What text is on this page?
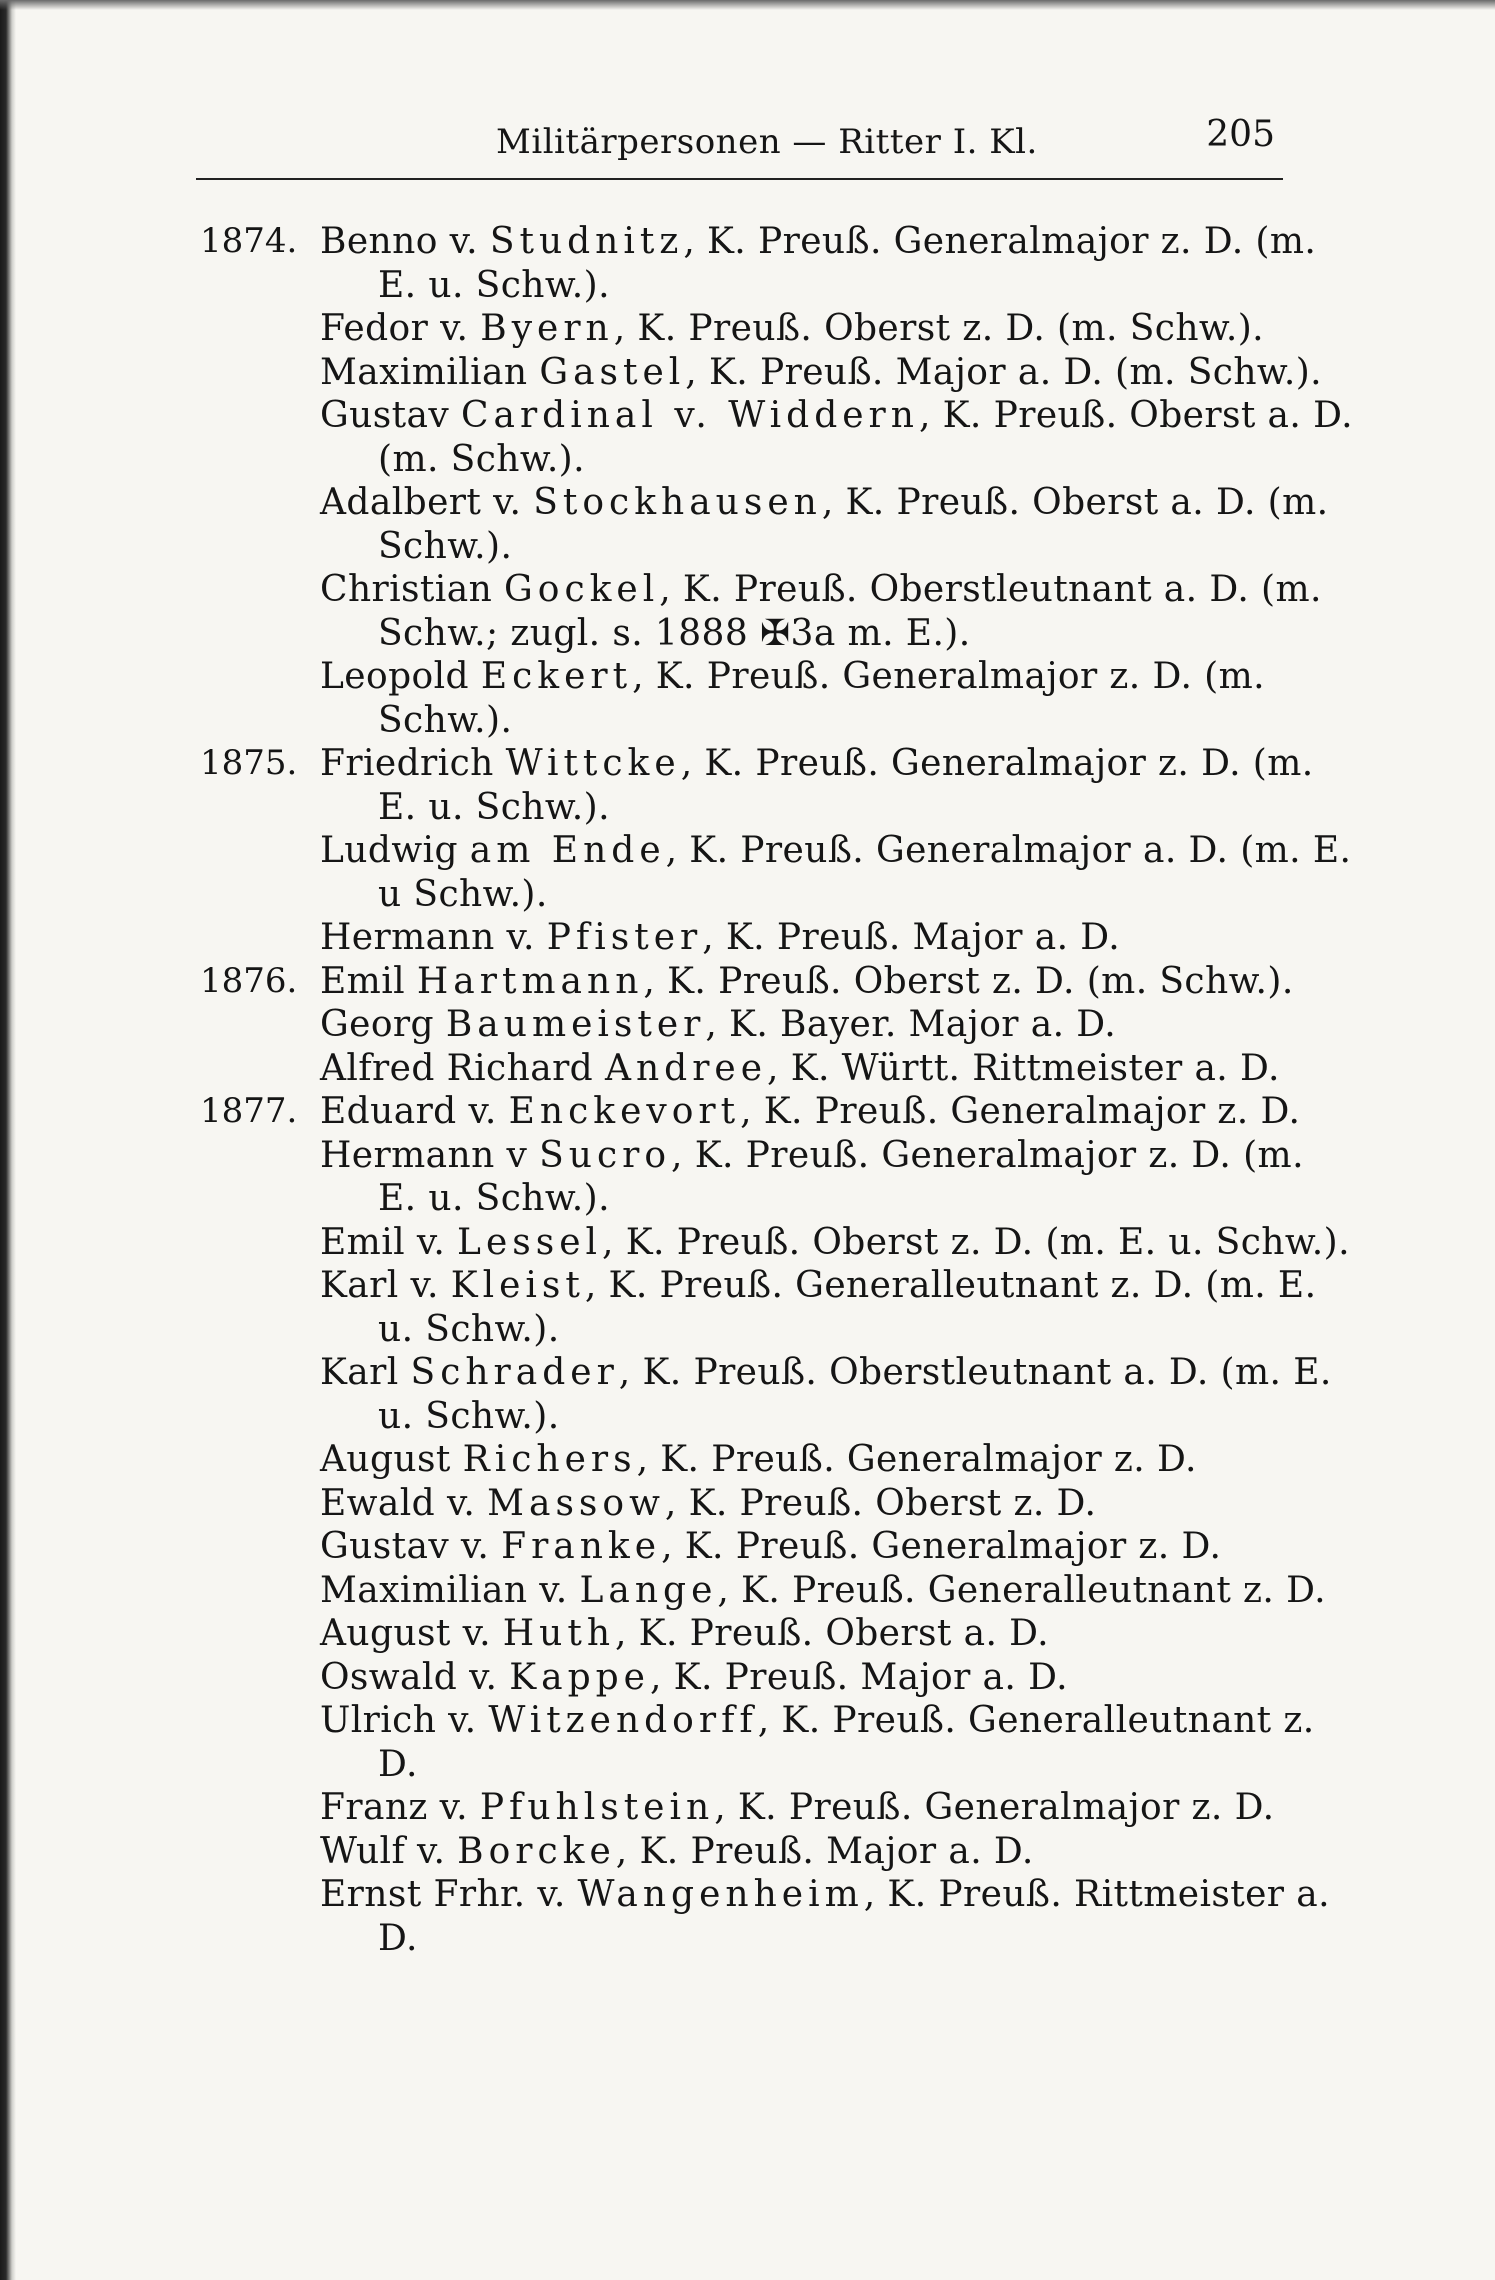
Militärpersonen — Ritter I. Kl.	205
1874. Benno v. Studnitz, K. Preuß. Generalmajor z. D. (m. E. u. Schw.).
Fedor v. Byern, K. Preuß. Oberst z. D. (m. Schw.).
Maximilian Gastel, K. Preuß. Major a. D. (m. Schw.).
Gustav Cardinal v. Widdern, K. Preuß. Oberst a. D. (m. Schw.).
Adalbert v. Stockhausen, K. Preuß. Oberst a. D. (m. Schw.).
Christian Gockel, K. Preuß. Oberstleutnant a. D. (m. Schw.; zugl. s. 1888 ✠3a m. E.).
Leopold Eckert, K. Preuß. Generalmajor z. D. (m. Schw.).
1875. Friedrich Wittcke, K. Preuß. Generalmajor z. D. (m. E. u. Schw.).
Ludwig am Ende, K. Preuß. Generalmajor a. D. (m. E. u Schw.).
Hermann v. Pfister, K. Preuß. Major a. D.
1876. Emil Hartmann, K. Preuß. Oberst z. D. (m. Schw.).
Georg Baumeister, K. Bayer. Major a. D.
Alfred Richard Andree, K. Württ. Rittmeister a. D.
1877. Eduard v. Enckevort, K. Preuß. Generalmajor z. D.
Hermann v Sucro, K. Preuß. Generalmajor z. D. (m. E. u. Schw.).
Emil v. Lessel, K. Preuß. Oberst z. D. (m. E. u. Schw.).
Karl v. Kleist, K. Preuß. Generalleutnant z. D. (m. E. u. Schw.).
Karl Schrader, K. Preuß. Oberstleutnant a. D. (m. E. u. Schw.).
August Richers, K. Preuß. Generalmajor z. D.
Ewald v. Massow, K. Preuß. Oberst z. D.
Gustav v. Franke, K. Preuß. Generalmajor z. D.
Maximilian v. Lange, K. Preuß. Generalleutnant z. D.
August v. Huth, K. Preuß. Oberst a. D.
Oswald v. Kappe, K. Preuß. Major a. D.
Ulrich v. Witzendorff, K. Preuß. Generalleutnant z. D.
Franz v. Pfuhlstein, K. Preuß. Generalmajor z. D.
Wulf v. Borcke, K. Preuß. Major a. D.
Ernst Frhr. v. Wangenheim, K. Preuß. Rittmeister a. D.
